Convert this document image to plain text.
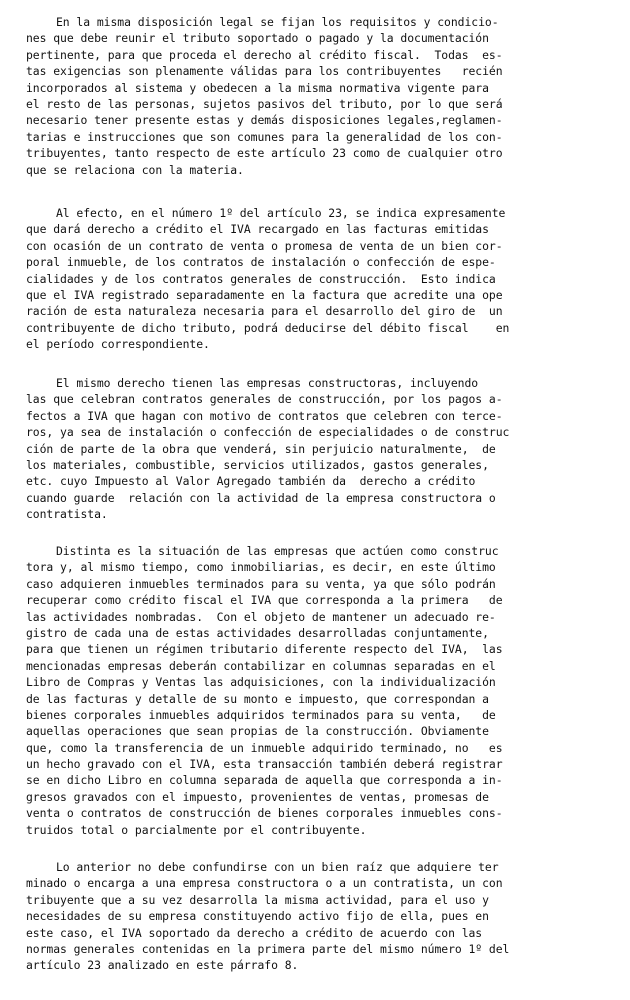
En la misma disposición legal se fijan los requisitos y condicio-
nes que debe reunir el tributo soportado o pagado y la documentación
pertinente, para que proceda el derecho al crédito fiscal.  Todas  es-
tas exigencias son plenamente válidas para los contribuyentes   recién
incorporados al sistema y obedecen a la misma normativa vigente para
el resto de las personas, sujetos pasivos del tributo, por lo que será
necesario tener presente estas y demás disposiciones legales,reglamen-
tarias e instrucciones que son comunes para la generalidad de los con-
tribuyentes, tanto respecto de este artículo 23 como de cualquier otro
que se relaciona con la materia.
Al efecto, en el número 1º del artículo 23, se indica expresamente
que dará derecho a crédito el IVA recargado en las facturas emitidas
con ocasión de un contrato de venta o promesa de venta de un bien cor-
poral inmueble, de los contratos de instalación o confección de espe-
cialidades y de los contratos generales de construcción.  Esto indica
que el IVA registrado separadamente en la factura que acredite una ope
ración de esta naturaleza necesaria para el desarrollo del giro de  un
contribuyente de dicho tributo, podrá deducirse del débito fiscal    en
el período correspondiente.
El mismo derecho tienen las empresas constructoras, incluyendo
las que celebran contratos generales de construcción, por los pagos a-
fectos a IVA que hagan con motivo de contratos que celebren con terce-
ros, ya sea de instalación o confección de especialidades o de construc
ción de parte de la obra que venderá, sin perjuicio naturalmente,  de
los materiales, combustible, servicios utilizados, gastos generales,
etc. cuyo Impuesto al Valor Agregado también da  derecho a crédito
cuando guarde  relación con la actividad de la empresa constructora o
contratista.
Distinta es la situación de las empresas que actúen como construc
tora y, al mismo tiempo, como inmobiliarias, es decir, en este último
caso adquieren inmuebles terminados para su venta, ya que sólo podrán
recuperar como crédito fiscal el IVA que corresponda a la primera   de
las actividades nombradas.  Con el objeto de mantener un adecuado re-
gistro de cada una de estas actividades desarrolladas conjuntamente,
para que tienen un régimen tributario diferente respecto del IVA,  las
mencionadas empresas deberán contabilizar en columnas separadas en el
Libro de Compras y Ventas las adquisiciones, con la individualización
de las facturas y detalle de su monto e impuesto, que correspondan a
bienes corporales inmuebles adquiridos terminados para su venta,   de
aquellas operaciones que sean propias de la construcción. Obviamente
que, como la transferencia de un inmueble adquirido terminado, no   es
un hecho gravado con el IVA, esta transacción también deberá registrar
se en dicho Libro en columna separada de aquella que corresponda a in-
gresos gravados con el impuesto, provenientes de ventas, promesas de
venta o contratos de construcción de bienes corporales inmuebles cons-
truidos total o parcialmente por el contribuyente.
Lo anterior no debe confundirse con un bien raíz que adquiere ter
minado o encarga a una empresa constructora o a un contratista, un con
tribuyente que a su vez desarrolla la misma actividad, para el uso y
necesidades de su empresa constituyendo activo fijo de ella, pues en
este caso, el IVA soportado da derecho a crédito de acuerdo con las
normas generales contenidas en la primera parte del mismo número 1º del
artículo 23 analizado en este párrafo 8.
